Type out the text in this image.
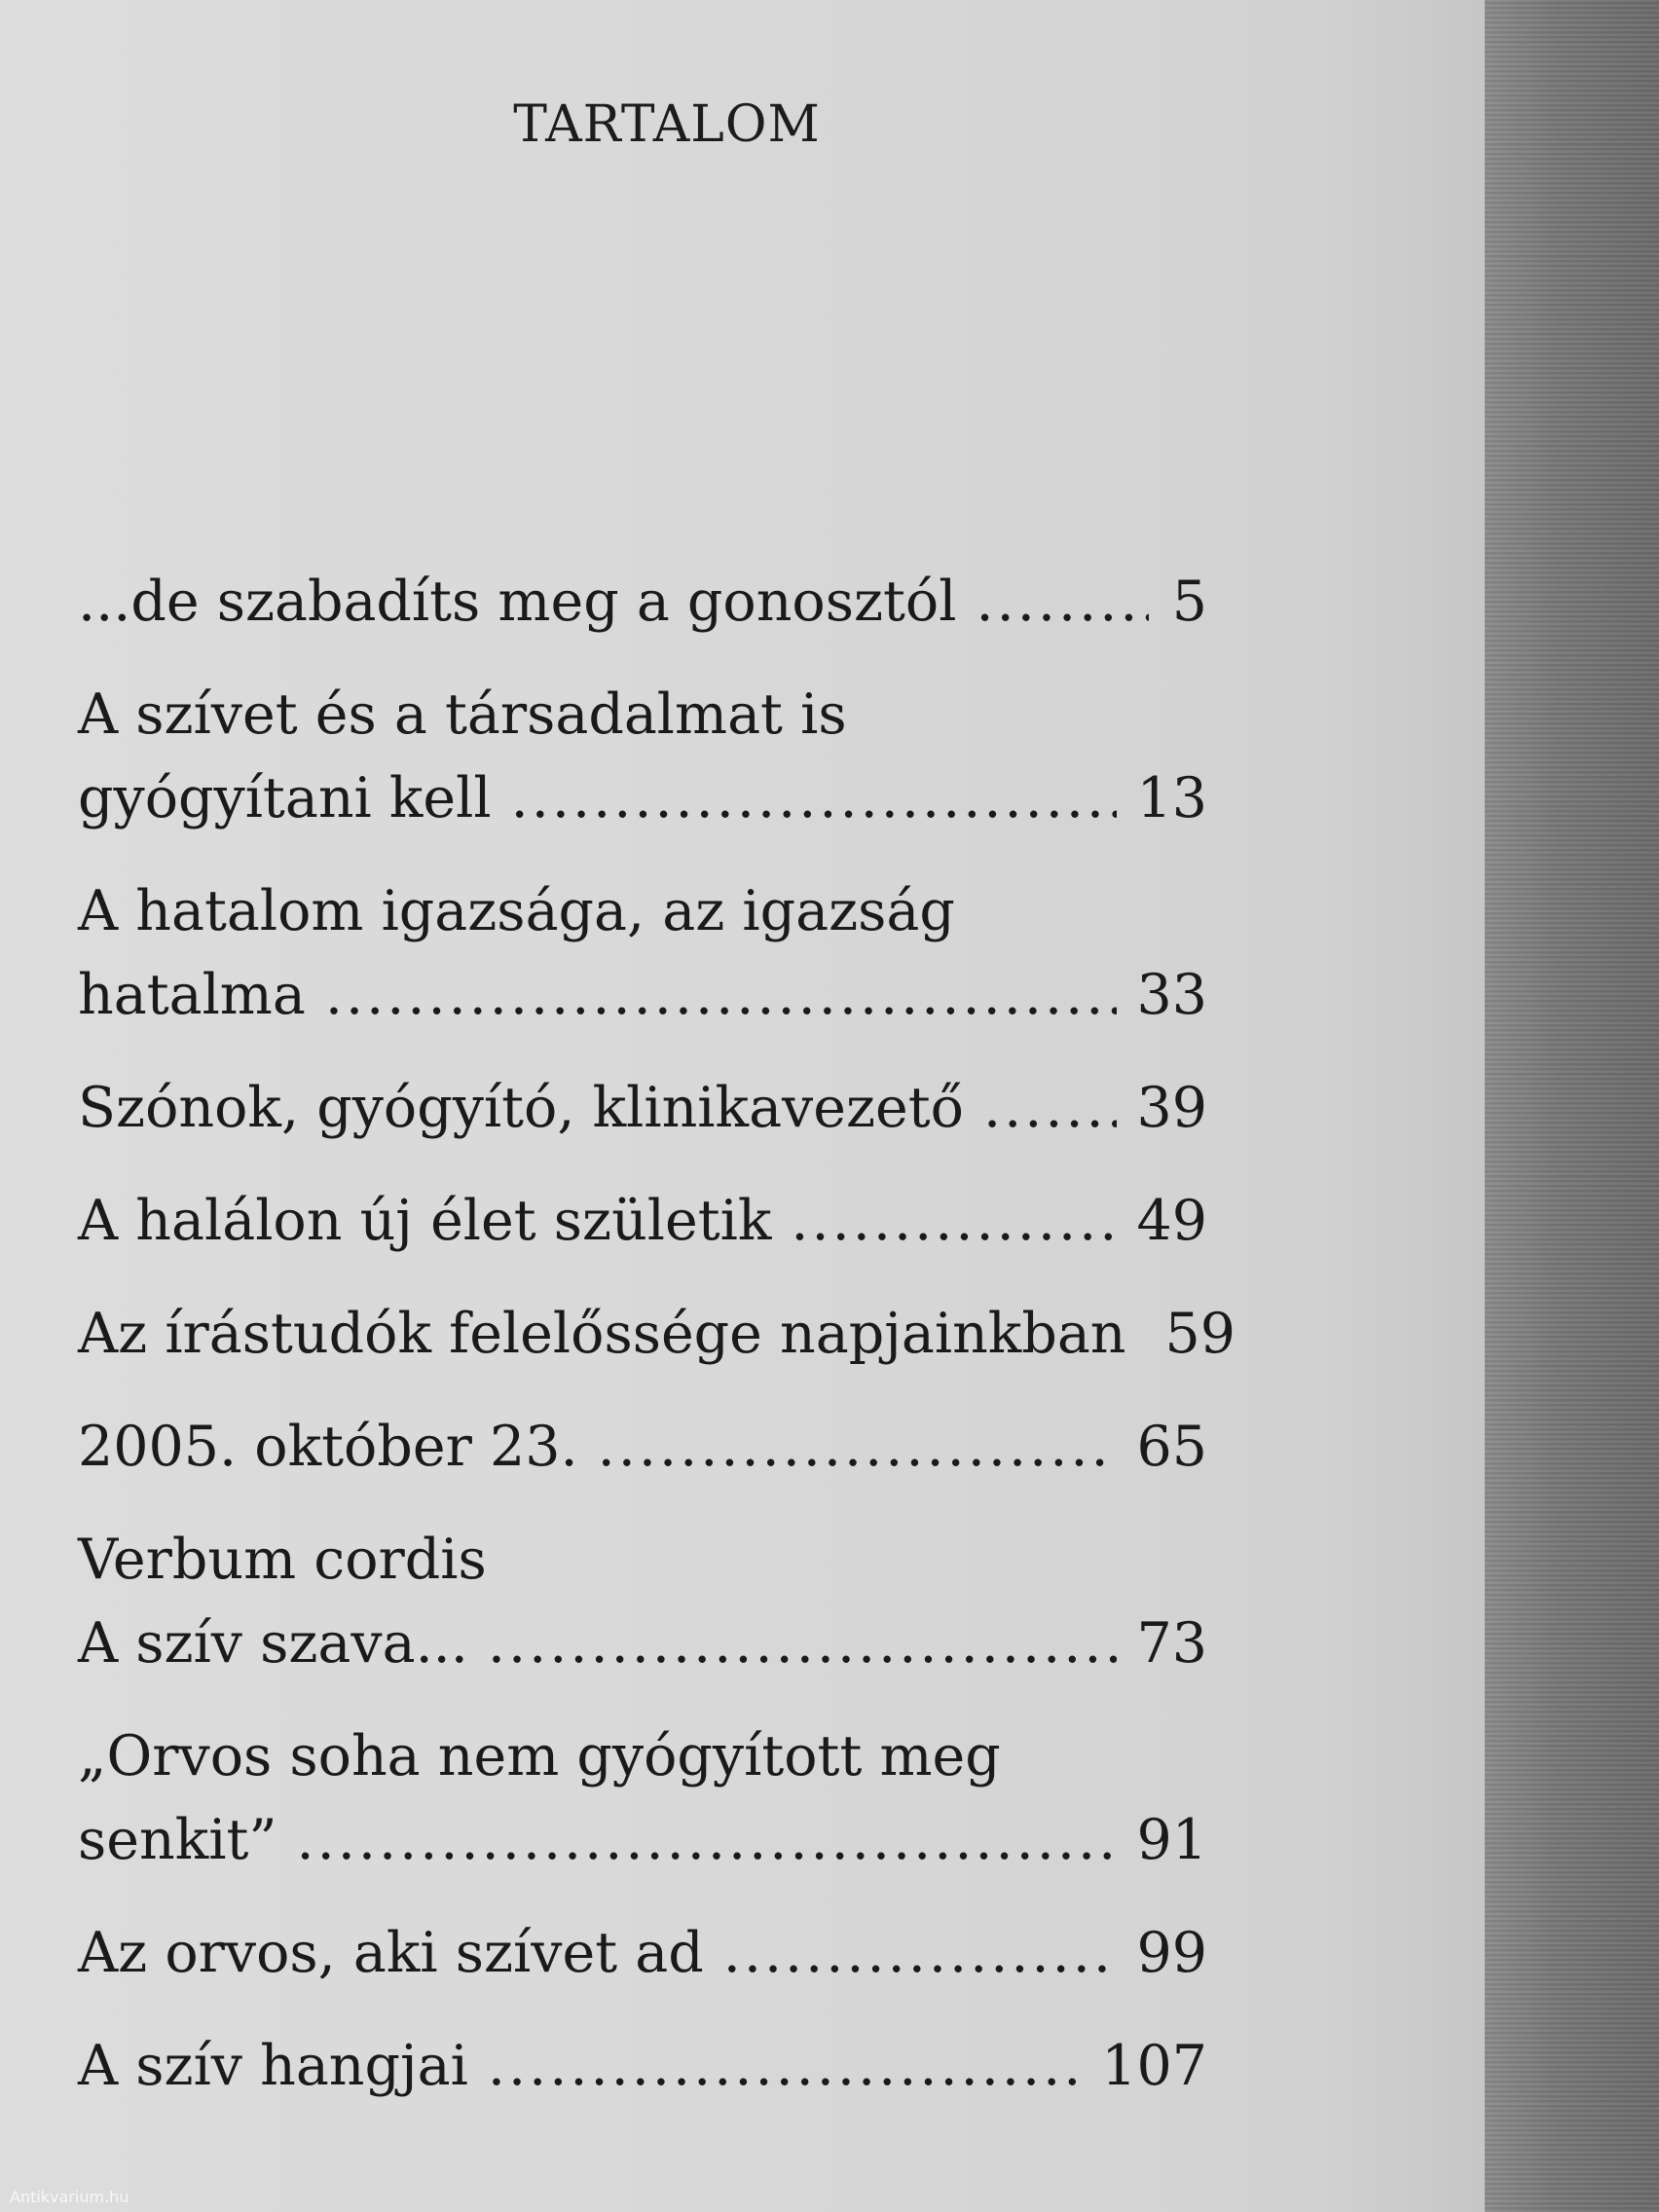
TARTALOM
...de szabadíts meg a gonosztól .....	5
A szívet és a társadalmat is
gyógyítani kell .....	13
A hatalom igazsága, az igazság
hatalma .....	33
Szónok, gyógyító, klinikavezető .....	39
A halálon új élet születik .....	49
Az írástudók felelőssége napjainkban 59
2005. október 23. .....	65
Verbum cordis
A szív szava... .....	73
„Orvos soha nem gyógyított meg
senkit” .....	91
Az orvos, aki szívet ad .....	99
A szív hangjai .....	107
Antikvarium.hu
